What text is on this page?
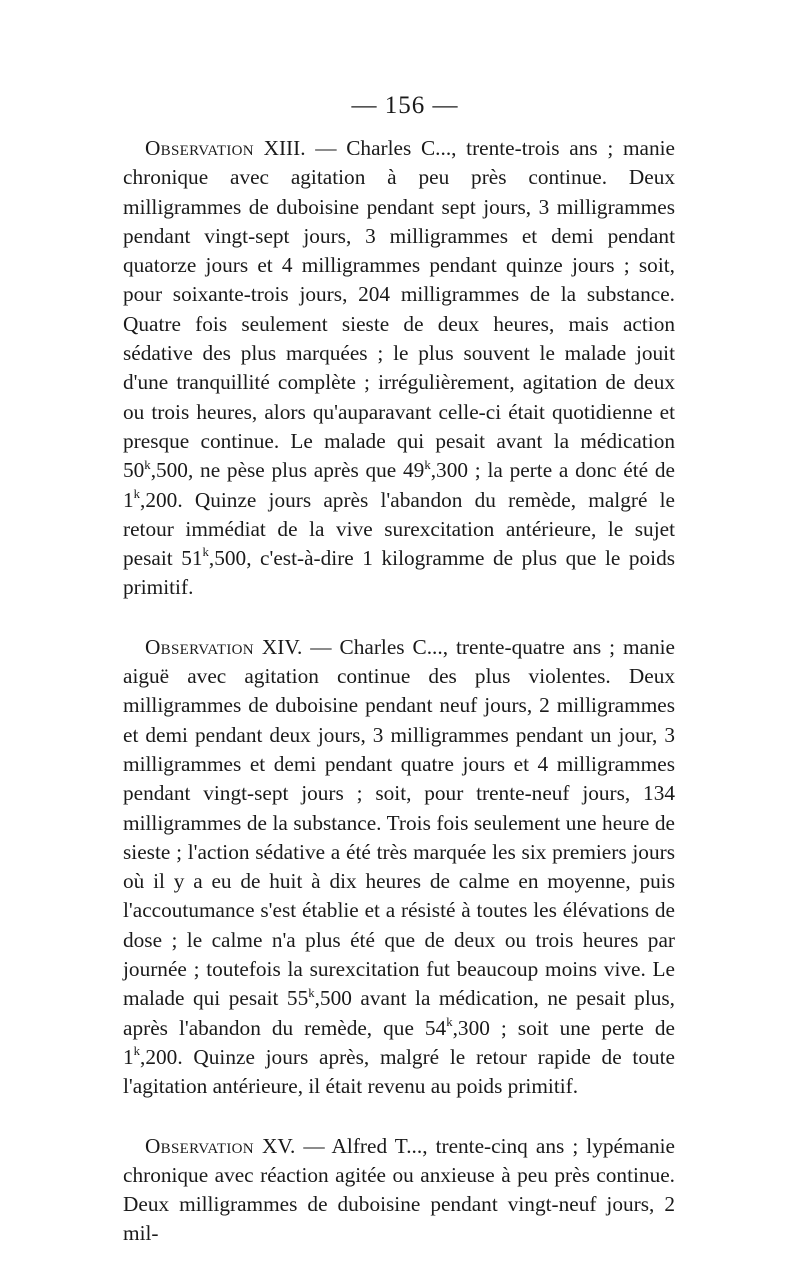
— 156 —

Observation XIII. — Charles C..., trente-trois ans ; manie chronique avec agitation à peu près continue. Deux milligrammes de duboisine pendant sept jours, 3 milligrammes pendant vingt-sept jours, 3 milligrammes et demi pendant quatorze jours et 4 milligrammes pendant quinze jours ; soit, pour soixante-trois jours, 204 milligrammes de la substance. Quatre fois seulement sieste de deux heures, mais action sédative des plus marquées ; le plus souvent le malade jouit d'une tranquillité complète ; irrégulièrement, agitation de deux ou trois heures, alors qu'auparavant celle-ci était quotidienne et presque continue. Le malade qui pesait avant la médication 50$^k$,500, ne pèse plus après que 49$^k$,300 ; la perte a donc été de 1$^k$,200. Quinze jours après l'abandon du remède, malgré le retour immédiat de la vive surexcitation antérieure, le sujet pesait 51$^k$,500, c'est-à-dire 1 kilogramme de plus que le poids primitif.

Observation XIV. — Charles C..., trente-quatre ans ; manie aiguë avec agitation continue des plus violentes. Deux milligrammes de duboisine pendant neuf jours, 2 milligrammes et demi pendant deux jours, 3 milligrammes pendant un jour, 3 milligrammes et demi pendant quatre jours et 4 milligrammes pendant vingt-sept jours ; soit, pour trente-neuf jours, 134 milligrammes de la substance. Trois fois seulement une heure de sieste ; l'action sédative a été très marquée les six premiers jours où il y a eu de huit à dix heures de calme en moyenne, puis l'accoutumance s'est établie et a résisté à toutes les élévations de dose ; le calme n'a plus été que de deux ou trois heures par journée ; toutefois la surexcitation fut beaucoup moins vive. Le malade qui pesait 55$^k$,500 avant la médication, ne pesait plus, après l'abandon du remède, que 54$^k$,300 ; soit une perte de 1$^k$,200. Quinze jours après, malgré le retour rapide de toute l'agitation antérieure, il était revenu au poids primitif.

Observation XV. — Alfred T..., trente-cinq ans ; lypémanie chronique avec réaction agitée ou anxieuse à peu près continue. Deux milligrammes de duboisine pendant vingt-neuf jours, 2 mil-
